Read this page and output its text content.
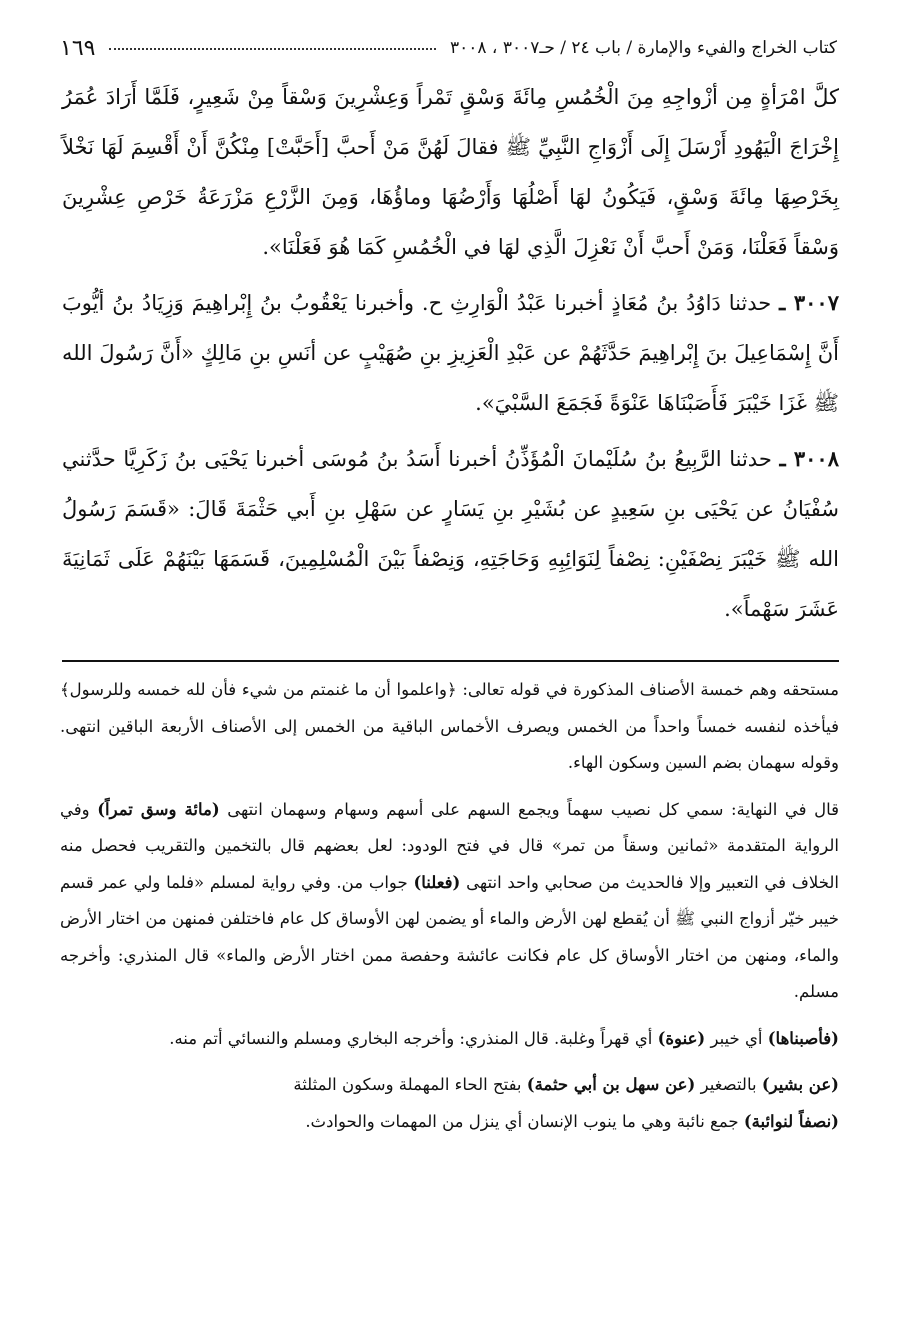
كتاب الخراج والفيء والإمارة / باب ٢٤ / حـ٣٠٠٧ ، ٣٠٠٨
١٦٩

كلَّ امْرَأةٍ مِن أزْواجِهِ مِنَ الْخُمُسِ مِائَةَ وَسْقٍ تَمْراً وَعِشْرِينَ وَسْقاً مِنْ شَعِيرٍ، فَلَمَّا أَرَادَ عُمَرُ إِخْرَاجَ الْيَهُودِ أَرْسَلَ إِلَى أَزْوَاجِ النَّبِيِّ ﷺ فقالَ لَهُنَّ مَنْ أَحبَّ [أَحَبَّتْ] مِنْكُنَّ أَنْ أَقْسِمَ لَهَا نَخْلاً بِخَرْصِهَا مِائَةَ وَسْقٍ، فَيَكُونُ لهَا أَصْلُهَا وَأَرْضُهَا وماؤُهَا، وَمِنَ الزَّرْعِ مَزْرَعَةُ خَرْصِ عِشْرِينَ وَسْقاً فَعَلْنَا، وَمَنْ أَحبَّ أَنْ نَعْزِلَ الَّذِي لهَا في الْخُمُسِ كَمَا هُوَ فَعَلْنَا».

٣٠٠٧ ـ حدثنا دَاوُدُ بنُ مُعَاذٍ أخبرنا عَبْدُ الْوَارِثِ ح. وأخبرنا يَعْقُوبُ بنُ إِبْراهِيمَ وَزِيَادُ بنُ أيُّوبَ أَنَّ إِسْمَاعِيلَ بنَ إِبْراهِيمَ حَدَّثَهُمْ عن عَبْدِ الْعَزِيزِ بنِ صُهَيْبٍ عن أنَسِ بنِ مَالِكٍ «أَنَّ رَسُولَ الله ﷺ غَزَا خَيْبَرَ فَأَصَبْنَاهَا عَنْوَةً فَجَمَعَ السَّبْيَ».

٣٠٠٨ ـ حدثنا الرَّبِيعُ بنُ سُلَيْمانَ الْمُؤَذِّنُ أخبرنا أَسَدُ بنُ مُوسَى أخبرنا يَحْيَى بنُ زَكَرِيَّا حدَّثني سُفْيَانُ عن يَحْيَى بنِ سَعِيدٍ عن بُشَيْرِ بنِ يَسَارٍ عن سَهْلِ بنِ أَبي حَثْمَةَ قَالَ: «قَسَمَ رَسُولُ الله ﷺ خَيْبَرَ نِصْفَيْنِ: نِصْفاً لِنَوَائِبِهِ وَحَاجَتِهِ، وَنِصْفاً بَيْنَ الْمُسْلِمِينَ، قَسَمَهَا بَيْنَهُمْ عَلَى ثَمَانِيَةَ عَشَرَ سَهْماً».

مستحقه وهم خمسة الأصناف المذكورة في قوله تعالى: ﴿واعلموا أن ما غنمتم من شيء فأن لله خمسه وللرسول﴾ فيأخذه لنفسه خمساً واحداً من الخمس ويصرف الأخماس الباقية من الخمس إلى الأصناف الأربعة الباقين انتهى. وقوله سهمان بضم السين وسكون الهاء.

قال في النهاية: سمي كل نصيب سهماً ويجمع السهم على أسهم وسهام وسهمان انتهى (مائة وسق تمراً) وفي الرواية المتقدمة «ثمانين وسقاً من تمر» قال في فتح الودود: لعل بعضهم قال بالتخمين والتقريب فحصل منه الخلاف في التعبير وإلا فالحديث من صحابي واحد انتهى (فعلنا) جواب من. وفي رواية لمسلم «فلما ولي عمر قسم خيبر خيّر أزواج النبي ﷺ أن يُقطع لهن الأرض والماء أو يضمن لهن الأوساق كل عام فاختلفن فمنهن من اختار الأرض والماء، ومنهن من اختار الأوساق كل عام فكانت عائشة وحفصة ممن اختار الأرض والماء» قال المنذري: وأخرجه مسلم.

(فأصبناها) أي خيبر (عنوة) أي قهراً وغلبة. قال المنذري: وأخرجه البخاري ومسلم والنسائي أتم منه.

(عن بشير) بالتصغير (عن سهل بن أبي حثمة) بفتح الحاء المهملة وسكون المثلثة
(نصفاً لنوائبة) جمع نائبة وهي ما ينوب الإنسان أي ينزل من المهمات والحوادث.
